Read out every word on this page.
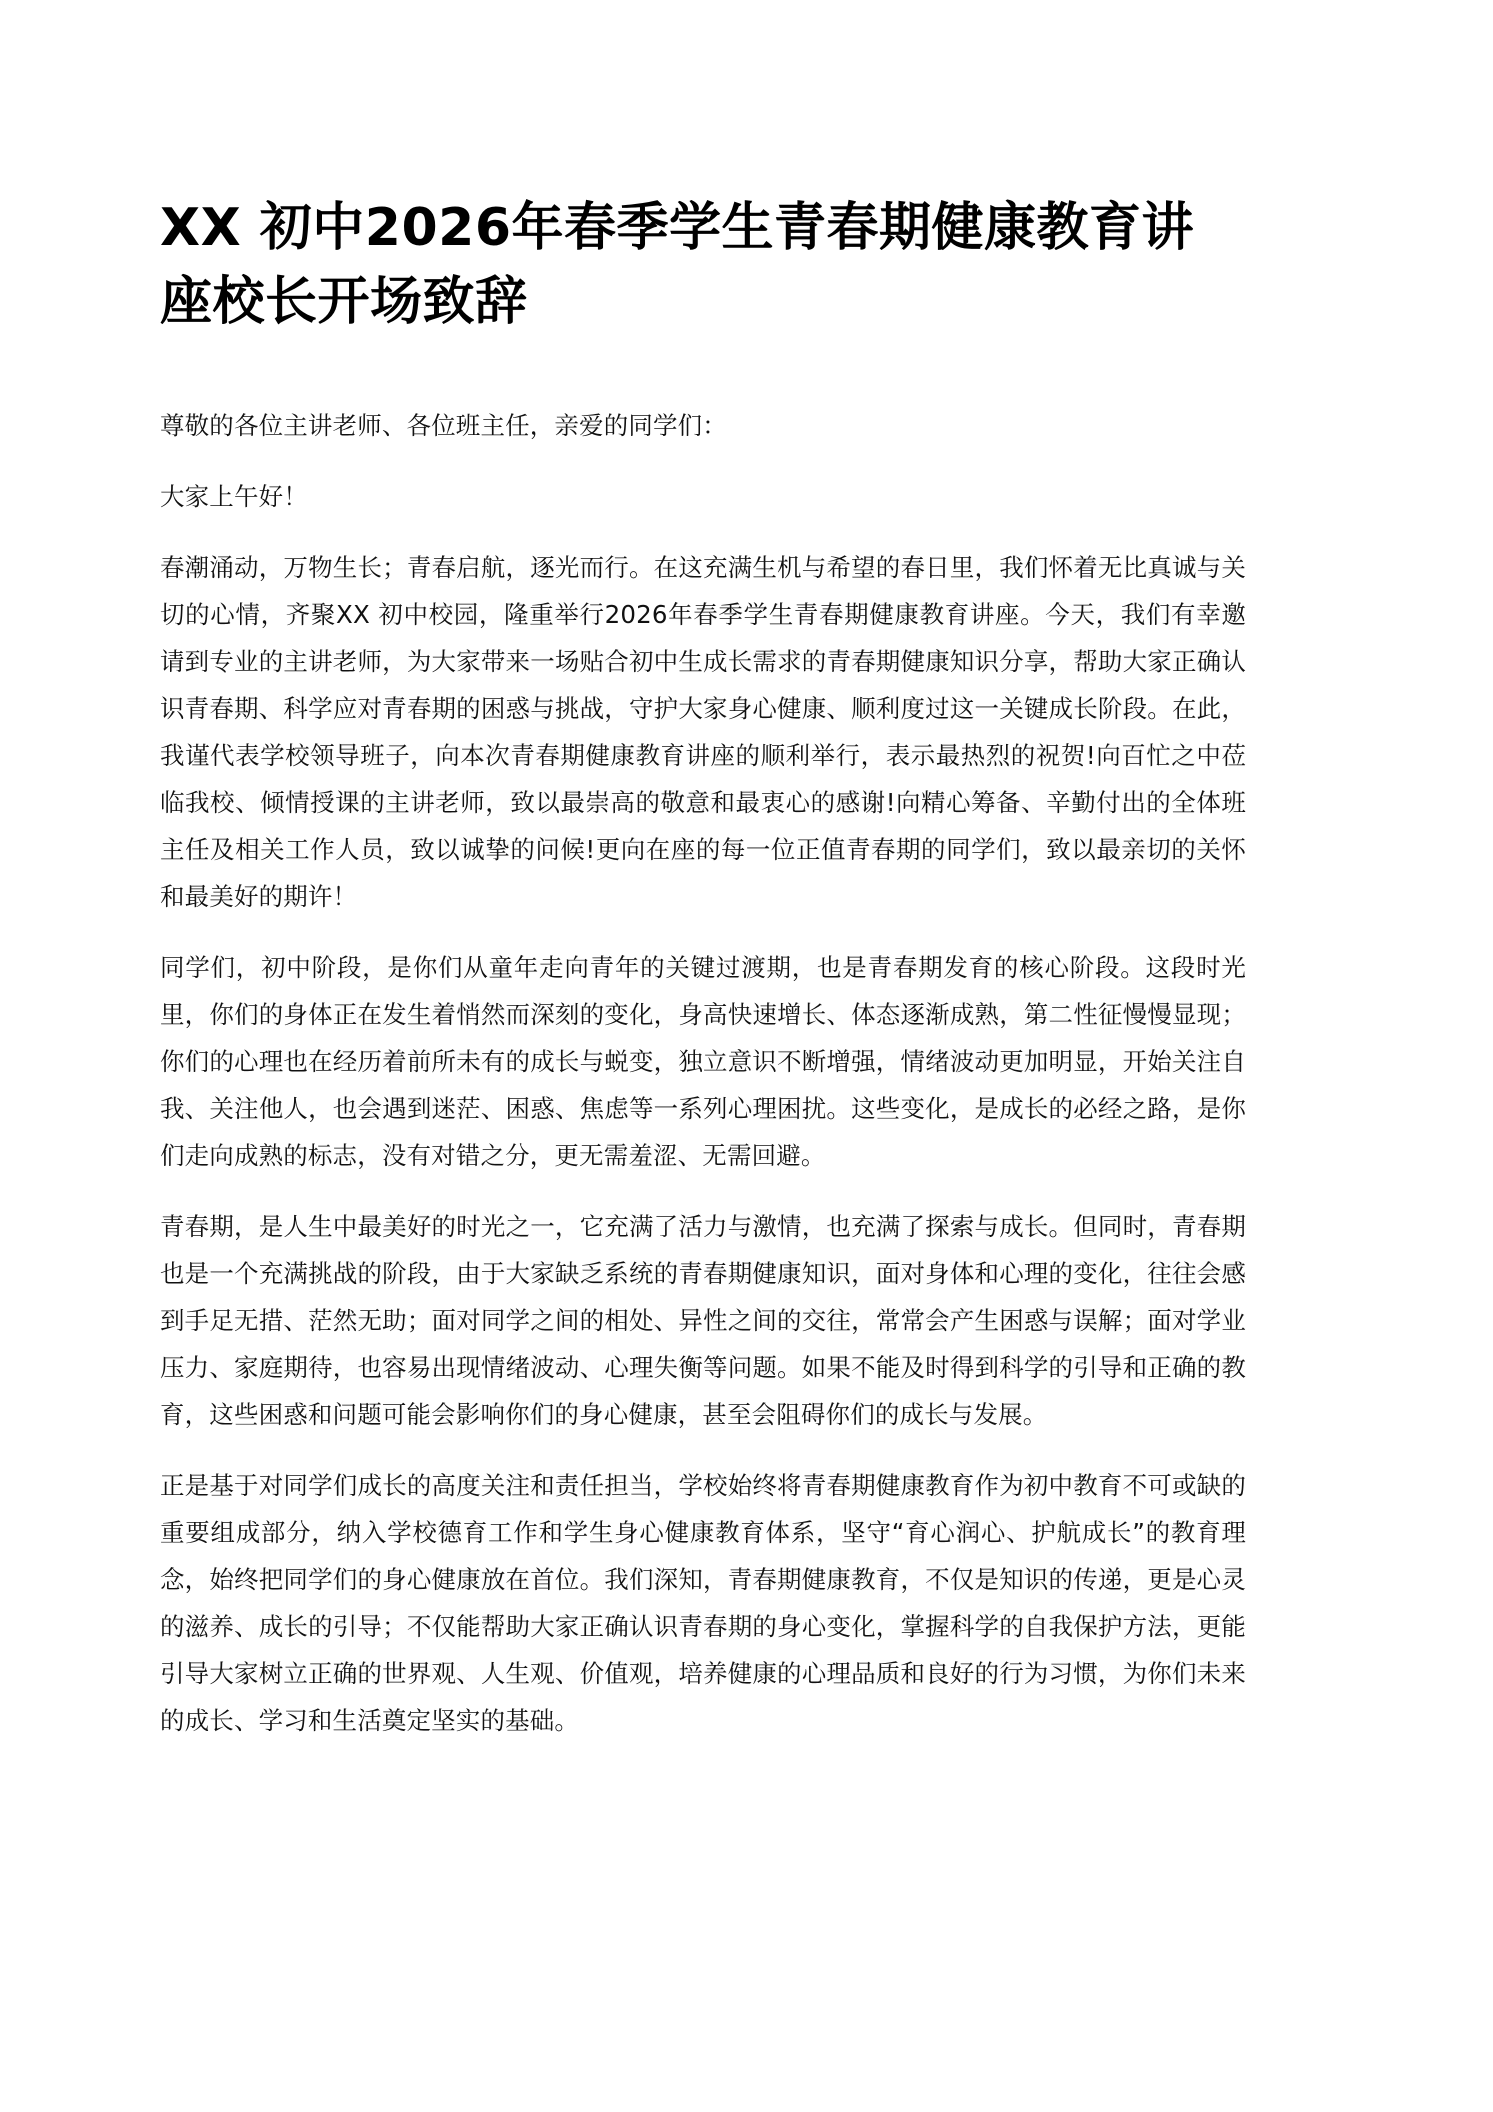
XX 初中2026年春季学生青春期健康教育讲座校长开场致辞

尊敬的各位主讲老师、各位班主任，亲爱的同学们：

大家上午好！

春潮涌动，万物生长；青春启航，逐光而行。在这充满生机与希望的春日里，我们怀着无比真诚与关切的心情，齐聚XX 初中校园，隆重举行2026年春季学生青春期健康教育讲座。今天，我们有幸邀请到专业的主讲老师，为大家带来一场贴合初中生成长需求的青春期健康知识分享，帮助大家正确认识青春期、科学应对青春期的困惑与挑战，守护大家身心健康、顺利度过这一关键成长阶段。在此，我谨代表学校领导班子，向本次青春期健康教育讲座的顺利举行，表示最热烈的祝贺!向百忙之中莅临我校、倾情授课的主讲老师，致以最崇高的敬意和最衷心的感谢!向精心筹备、辛勤付出的全体班主任及相关工作人员，致以诚挚的问候!更向在座的每一位正值青春期的同学们，致以最亲切的关怀和最美好的期许！

同学们，初中阶段，是你们从童年走向青年的关键过渡期，也是青春期发育的核心阶段。这段时光里，你们的身体正在发生着悄然而深刻的变化，身高快速增长、体态逐渐成熟，第二性征慢慢显现；你们的心理也在经历着前所未有的成长与蜕变，独立意识不断增强，情绪波动更加明显，开始关注自我、关注他人，也会遇到迷茫、困惑、焦虑等一系列心理困扰。这些变化，是成长的必经之路，是你们走向成熟的标志，没有对错之分，更无需羞涩、无需回避。

青春期，是人生中最美好的时光之一，它充满了活力与激情，也充满了探索与成长。但同时，青春期也是一个充满挑战的阶段，由于大家缺乏系统的青春期健康知识，面对身体和心理的变化，往往会感到手足无措、茫然无助；面对同学之间的相处、异性之间的交往，常常会产生困惑与误解；面对学业压力、家庭期待，也容易出现情绪波动、心理失衡等问题。如果不能及时得到科学的引导和正确的教育，这些困惑和问题可能会影响你们的身心健康，甚至会阻碍你们的成长与发展。

正是基于对同学们成长的高度关注和责任担当，学校始终将青春期健康教育作为初中教育不可或缺的重要组成部分，纳入学校德育工作和学生身心健康教育体系，坚守“育心润心、护航成长”的教育理念，始终把同学们的身心健康放在首位。我们深知，青春期健康教育，不仅是知识的传递，更是心灵的滋养、成长的引导；不仅能帮助大家正确认识青春期的身心变化，掌握科学的自我保护方法，更能引导大家树立正确的世界观、人生观、价值观，培养健康的心理品质和良好的行为习惯，为你们未来的成长、学习和生活奠定坚实的基础。
